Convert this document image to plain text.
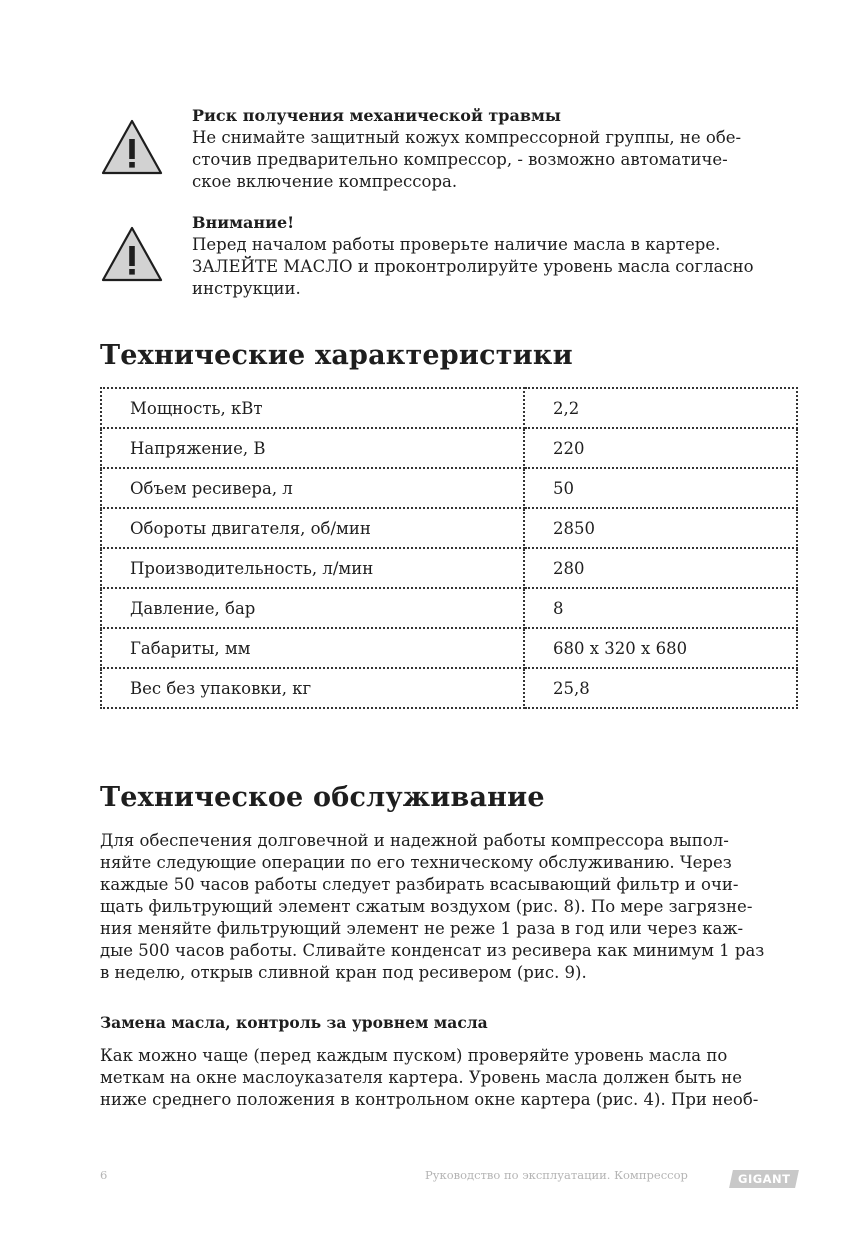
Риск получения механической травмы
Не снимайте защитный кожух компрессорной группы, не обе-
сточив предварительно компрессор, - возможно автоматиче-
ское включение компрессора.
Внимание!
Перед началом работы проверьте наличие масла в картере.
ЗАЛЕЙТЕ МАСЛО и проконтролируйте уровень масла согласно
инструкции.
Технические характеристики
Мощность, кВт	2,2
Напряжение, В	220
Объем ресивера, л	50
Обороты двигателя, об/мин	2850
Производительность, л/мин	280
Давление, бар	8
Габариты, мм	680 х 320 х 680
Вес без упаковки, кг	25,8
Техническое обслуживание
Для обеспечения долговечной и надежной работы компрессора выпол-
няйте следующие операции по его техническому обслуживанию. Через
каждые 50 часов работы следует разбирать всасывающий фильтр и очи-
щать фильтрующий элемент сжатым воздухом (рис. 8). По мере загрязне-
ния меняйте фильтрующий элемент не реже 1 раза в год или через каж-
дые 500 часов работы. Сливайте конденсат из ресивера как минимум 1 раз
в неделю, открыв сливной кран под ресивером (рис. 9).
Замена масла, контроль за уровнем масла
Как можно чаще (перед каждым пуском) проверяйте уровень масла по
меткам на окне маслоуказателя картера. Уровень масла должен быть не
ниже среднего положения в контрольном окне картера (рис. 4). При необ-
6	Руководство по эксплуатации. Компрессор	GIGANT
